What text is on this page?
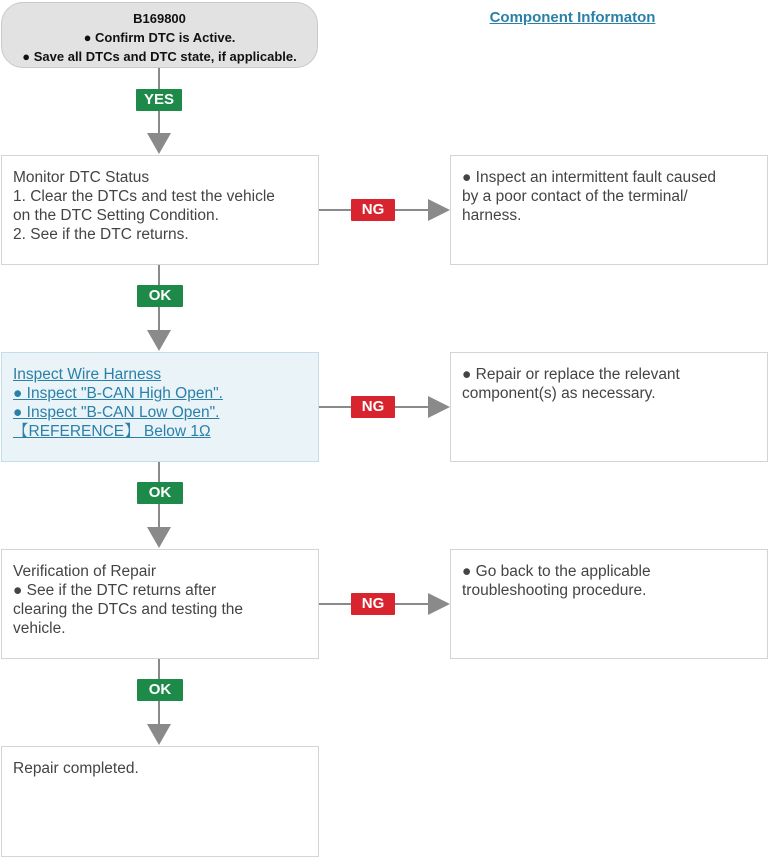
B169800
● Confirm DTC is Active.
● Save all DTCs and DTC state, if applicable.
Component Informaton
YES
Monitor DTC Status
1. Clear the DTCs and test the vehicle
on the DTC Setting Condition.
2. See if the DTC returns.
NG
● Inspect an intermittent fault caused
by a poor contact of the terminal/
harness.
OK
Inspect Wire Harness
● Inspect "B-CAN High Open".
● Inspect "B-CAN Low Open".
【REFERENCE】 Below 1Ω
NG
● Repair or replace the relevant
component(s) as necessary.
OK
Verification of Repair
● See if the DTC returns after
clearing the DTCs and testing the
vehicle.
NG
● Go back to the applicable
troubleshooting procedure.
OK
Repair completed.
